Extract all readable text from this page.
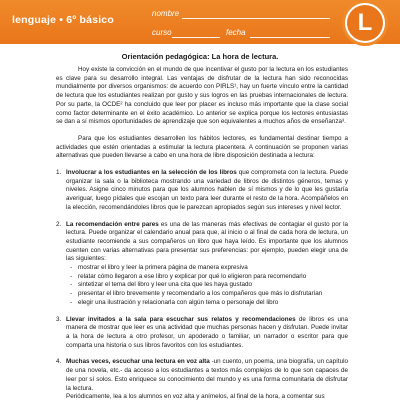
lenguaje • 6º básico
nombre
curso	fecha	L
Orientación pedagógica: La hora de lectura.

Hoy existe la convicción en el mundo de que incentivar el gusto por la lectura en los estudiantes es clave para su desarrollo integral. Las ventajas de disfrutar de la lectura han sido reconocidas mundialmente por diversos organismos: de acuerdo con PIRLS¹, hay un fuerte vínculo entre la cantidad de lectura que los estudiantes realizan por gusto y sus logros en las pruebas internacionales de lectura. Por su parte, la OCDE² ha concluido que leer por placer es incluso más importante que la clase social como factor determinante en el éxito académico. Lo anterior se explica porque los lectores entusiastas se dan a sí mismos oportunidades de aprendizaje que son equivalentes a muchos años de enseñanza³.

Para que los estudiantes desarrollen los hábitos lectores, es fundamental destinar tiempo a actividades que estén orientadas a estimular la lectura placentera. A continuación se proponen varias alternativas que pueden llevarse a cabo en una hora de libre disposición destinada a lectura:

1. Involucrar a los estudiantes en la selección de los libros que comprometa con la lectura. Puede organizar la sala o la biblioteca mostrando una variedad de libros de distintos géneros, temas y niveles. Asigne cinco minutos para que los alumnos hablen de sí mismos y de lo que les gustaría averiguar, luego pídales que escojan un texto para leer durante el resto de la hora. Acompáñelos en la elección, recomendándoles libros que le parezcan apropiados según sus intereses y nivel lector.

2. La recomendación entre pares es una de las maneras más efectivas de contagiar el gusto por la lectura. Puede organizar el calendario anual para que, al inicio o al final de cada hora de lectura, un estudiante recomiende a sus compañeros un libro que haya leído. Es importante que los alumnos cuenten con varias alternativas para presentar sus preferencias: por ejemplo, pueden elegir una de las siguientes:

- mostrar el libro y leer la primera página de manera expresiva
- relatar cómo llegaron a ese libro y explicar por qué lo eligieron para recomendarlo
- sintetizar el tema del libro y leer una cita que les haya gustado
- presentar el libro brevemente y recomendarlo a los compañeros que más lo disfrutarían
- elegir una ilustración y relacionarla con algún tema o personaje del libro
3. Llevar invitados a la sala para escuchar sus relatos y recomendaciones de libros es una manera de mostrar que leer es una actividad que muchas personas hacen y disfrutan. Puede invitar a la hora de lectura a otro profesor, un apoderado o familiar, un narrador o escritor para que comparta una historia o sus libros favoritos con los estudiantes.

4. Muchas veces, escuchar una lectura en voz alta -un cuento, un poema, una biografía, un capítulo de una novela, etc.- da acceso a los estudiantes a textos más complejos de lo que son capaces de leer por sí solos. Esto enriquece su conocimiento del mundo y es una forma comunitaria de disfrutar la lectura.

Periódicamente, lea a los alumnos en voz alta y anímelos, al final de la hora, a comentar sus
